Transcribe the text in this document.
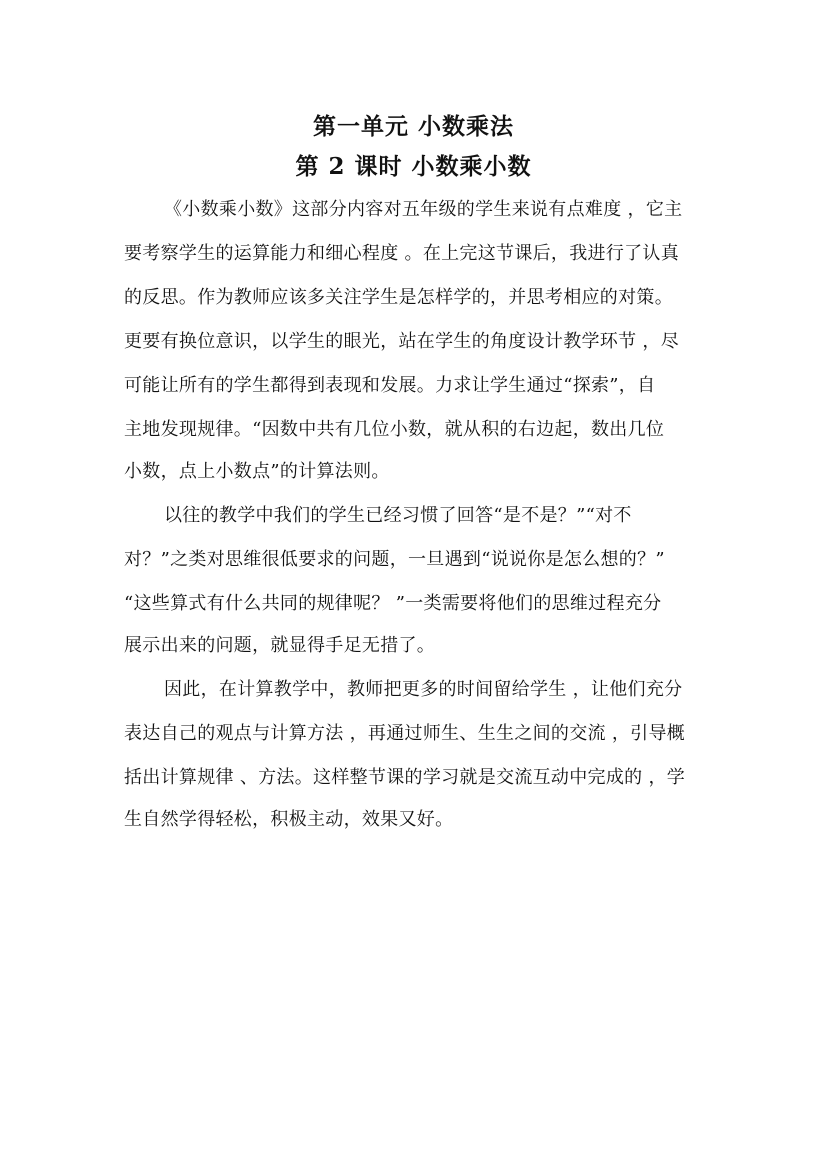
第一单元 小数乘法
第 2 课时 小数乘小数
《小数乘小数》这部分内容对五年级的学生来说有点难度 ，它主
要考察学生的运算能力和细心程度 。在上完这节课后，我进行了认真
的反思。作为教师应该多关注学生是怎样学的，并思考相应的对策。
更要有换位意识，以学生的眼光，站在学生的角度设计教学环节 ，尽
可能让所有的学生都得到表现和发展。力求让学生通过“探索”，自
主地发现规律。“因数中共有几位小数，就从积的右边起，数出几位
小数，点上小数点”的计算法则。
以往的教学中我们的学生已经习惯了回答“是不是？”“对不
对？”之类对思维很低要求的问题，一旦遇到“说说你是怎么想的？”
“这些算式有什么共同的规律呢？ ”一类需要将他们的思维过程充分
展示出来的问题，就显得手足无措了。
因此，在计算教学中，教师把更多的时间留给学生 ，让他们充分
表达自己的观点与计算方法 ，再通过师生、生生之间的交流 ，引导概
括出计算规律 、方法。这样整节课的学习就是交流互动中完成的 ，学
生自然学得轻松，积极主动，效果又好。
